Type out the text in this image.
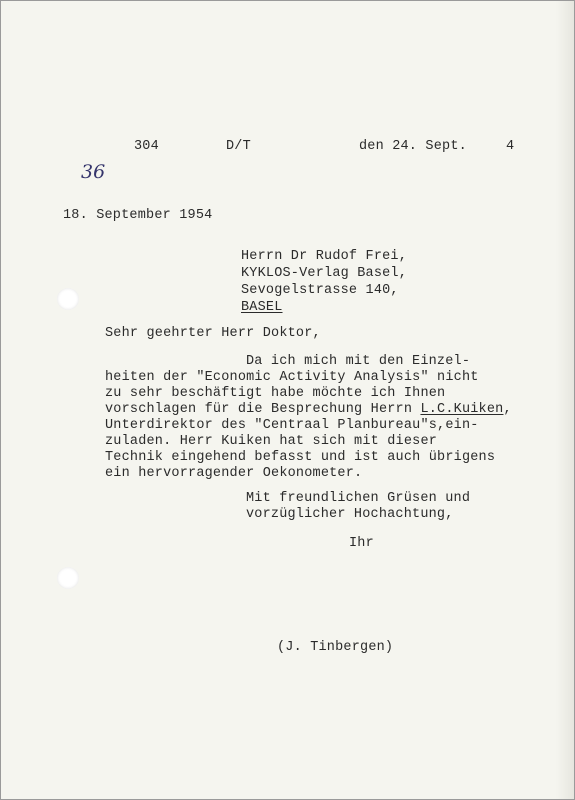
304	D/T	den 24. Sept.	4
36
18. September 1954
Herrn Dr Rudof Frei,
KYKLOS-Verlag Basel,
Sevogelstrasse 140,
BASEL
Sehr geehrter Herr Doktor,
Da ich mich mit den Einzel-
heiten der "Economic Activity Analysis" nicht
zu sehr beschäftigt habe möchte ich Ihnen
vorschlagen für die Besprechung Herrn L.C.Kuiken,
Unterdirektor des "Centraal Planbureau"s,ein-
zuladen. Herr Kuiken hat sich mit dieser
Technik eingehend befasst und ist auch übrigens
ein hervorragender Oekonometer.
Mit freundlichen Grüsen und
vorzüglicher Hochachtung,
Ihr
(J. Tinbergen)
